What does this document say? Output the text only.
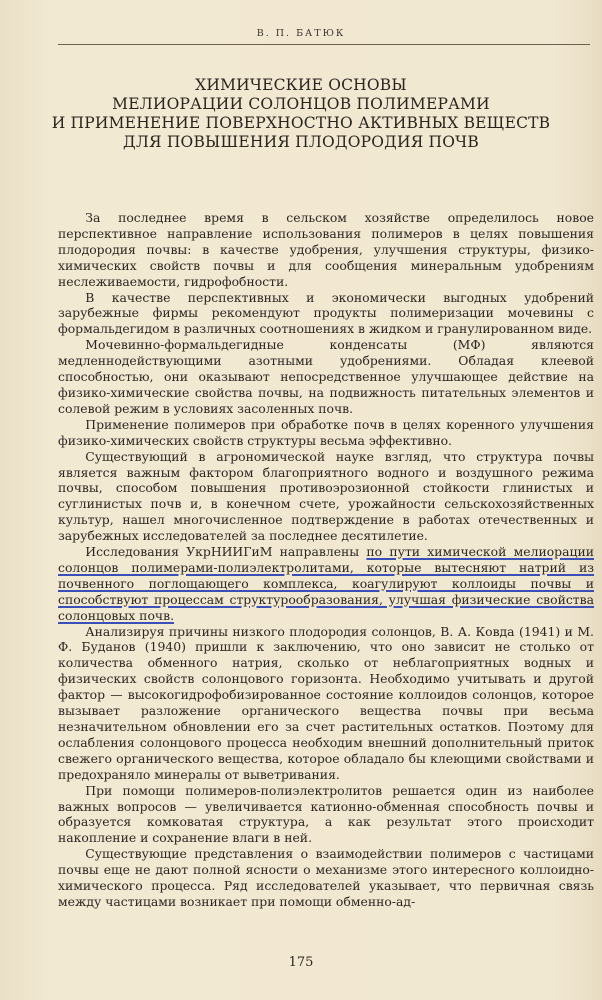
В. П. БАТЮК
ХИМИЧЕСКИЕ ОСНОВЫ
МЕЛИОРАЦИИ СОЛОНЦОВ ПОЛИМЕРАМИ
И ПРИМЕНЕНИЕ ПОВЕРХНОСТНО АКТИВНЫХ ВЕЩЕСТВ
ДЛЯ ПОВЫШЕНИЯ ПЛОДОРОДИЯ ПОЧВ

За последнее время в сельском хозяйстве определилось новое перспективное направление использования полимеров в целях повышения плодородия почвы: в качестве удобрения, улучшения структуры, физико-химических свойств почвы и для сообщения минеральным удобрениям неслеживаемости, гидрофобности.

В качестве перспективных и экономически выгодных удобрений зарубежные фирмы рекомендуют продукты полимеризации мочевины с формальдегидом в различных соотношениях в жидком и гранулированном виде.

Мочевинно-формальдегидные конденсаты (МФ) являются медленнодействующими азотными удобрениями. Обладая клеевой способностью, они оказывают непосредственное улучшающее действие на физико-химические свойства почвы, на подвижность питательных элементов и солевой режим в условиях засоленных почв.

Применение полимеров при обработке почв в целях коренного улучшения физико-химических свойств структуры весьма эффективно.

Существующий в агрономической науке взгляд, что структура почвы является важным фактором благоприятного водного и воздушного режима почвы, способом повышения противоэрозионной стойкости глинистых и суглинистых почв и, в конечном счете, урожайности сельскохозяйственных культур, нашел многочисленное подтверждение в работах отечественных и зарубежных исследователей за последнее десятилетие.

Исследования УкрНИИГиМ направлены по пути химической мелиорации солонцов полимерами-полиэлектролитами, которые вытесняют натрий из почвенного поглощающего комплекса, коагулируют коллоиды почвы и способствуют процессам структурообразования, улучшая физические свойства солонцовых почв.

Анализируя причины низкого плодородия солонцов, В. А. Ковда (1941) и М. Ф. Буданов (1940) пришли к заключению, что оно зависит не столько от количества обменного натрия, сколько от неблагоприятных водных и физических свойств солонцового горизонта. Необходимо учитывать и другой фактор — высокогидрофобизированное состояние коллоидов солонцов, которое вызывает разложение органического вещества почвы при весьма незначительном обновлении его за счет растительных остатков. Поэтому для ослабления солонцового процесса необходим внешний дополнительный приток свежего органического вещества, которое обладало бы клеющими свойствами и предохраняло минералы от выветривания.

При помощи полимеров-полиэлектролитов решается один из наиболее важных вопросов — увеличивается катионно-обменная способность почвы и образуется комковатая структура, а как результат этого происходит накопление и сохранение влаги в ней.

Существующие представления о взаимодействии полимеров с частицами почвы еще не дают полной ясности о механизме этого интересного коллоидно-химического процесса. Ряд исследователей указывает, что первичная связь между частицами возникает при помощи обменно-ад-

175
